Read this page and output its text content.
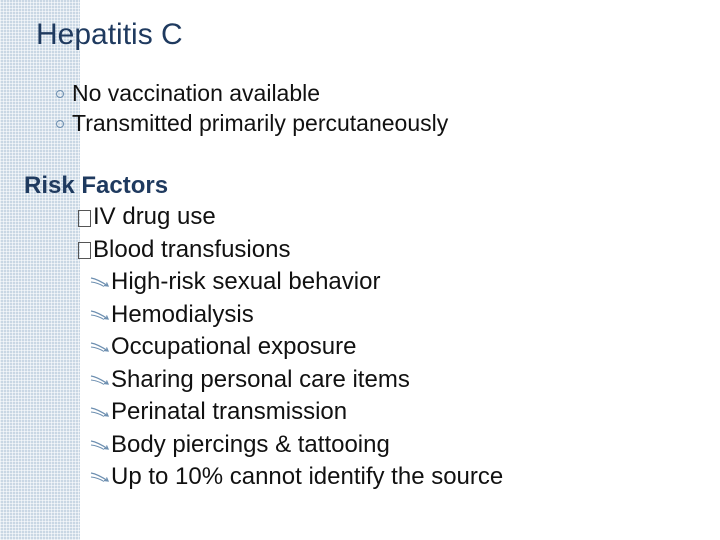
Hepatitis C
No vaccination available
Transmitted primarily percutaneously
Risk Factors
IV drug use
Blood transfusions
High-risk sexual behavior
Hemodialysis
Occupational exposure
Sharing personal care items
Perinatal transmission
Body piercings & tattooing
Up to 10% cannot identify the source
